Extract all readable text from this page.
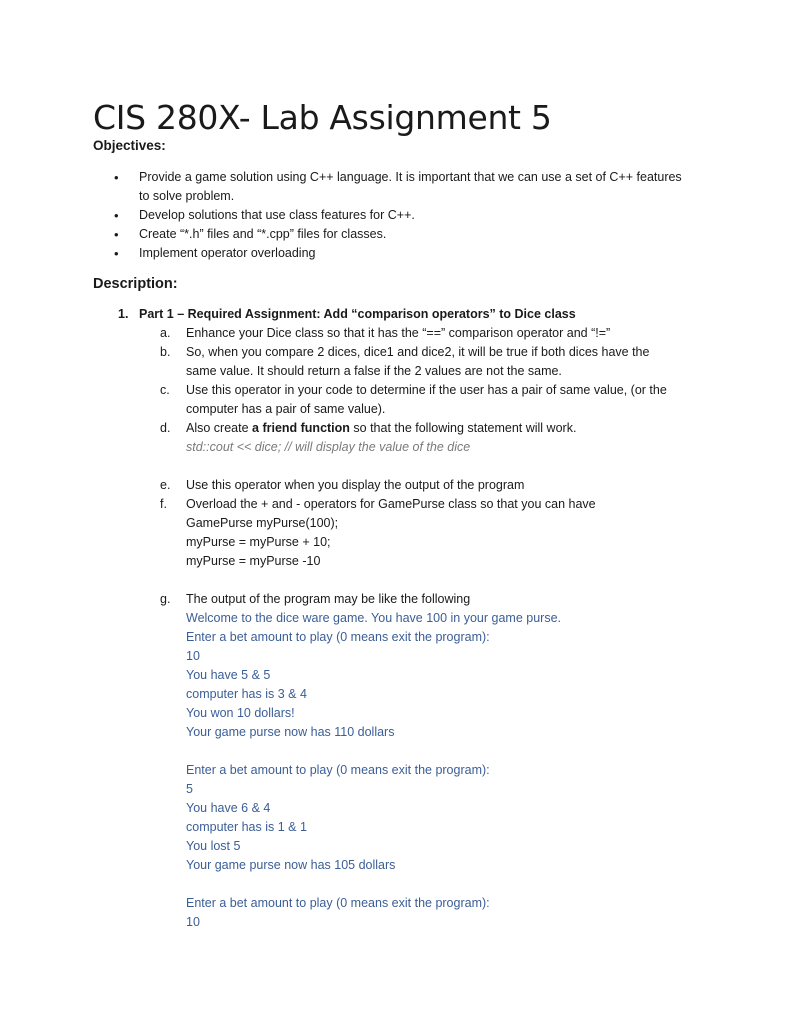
CIS 280X- Lab Assignment 5
Objectives:
• Provide a game solution using C++ language. It is important that we can use a set of C++ features
to solve problem.
• Develop solutions that use class features for C++.
• Create “*.h” files and “*.cpp” files for classes.
• Implement operator overloading
Description:
1. Part 1 – Required Assignment: Add “comparison operators” to Dice class
a. Enhance your Dice class so that it has the “==” comparison operator and “!=”
b. So, when you compare 2 dices, dice1 and dice2, it will be true if both dices have the
same value. It should return a false if the 2 values are not the same.
c. Use this operator in your code to determine if the user has a pair of same value, (or the
computer has a pair of same value).
d. Also create a friend function so that the following statement will work.
std::cout << dice; // will display the value of the dice
e. Use this operator when you display the output of the program
f. Overload the + and - operators for GamePurse class so that you can have
GamePurse myPurse(100);
myPurse = myPurse + 10;
myPurse = myPurse -10
g. The output of the program may be like the following
Welcome to the dice ware game. You have 100 in your game purse.
Enter a bet amount to play (0 means exit the program):
10
You have 5 & 5
computer has is 3 & 4
You won 10 dollars!
Your game purse now has 110 dollars
Enter a bet amount to play (0 means exit the program):
5
You have 6 & 4
computer has is 1 & 1
You lost 5
Your game purse now has 105 dollars
Enter a bet amount to play (0 means exit the program):
10
